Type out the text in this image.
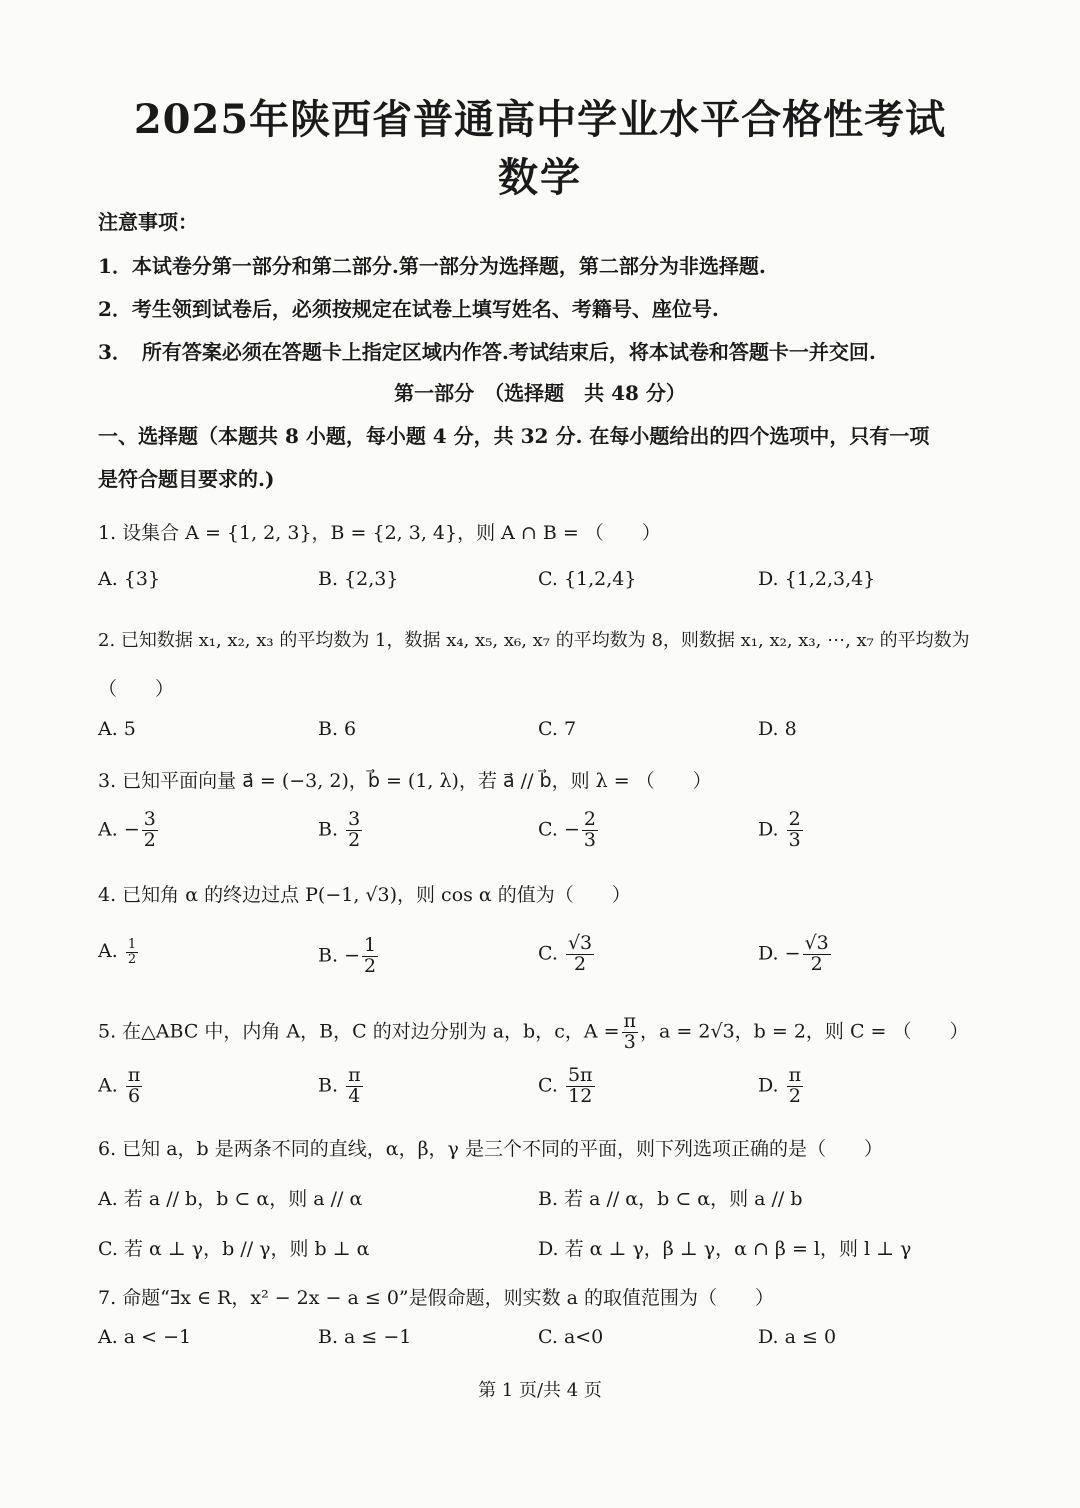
2025年陕西省普通高中学业水平合格性考试
数学
注意事项：
1．本试卷分第一部分和第二部分.第一部分为选择题，第二部分为非选择题.
2．考生领到试卷后，必须按规定在试卷上填写姓名、考籍号、座位号.
3．　所有答案必须在答题卡上指定区域内作答.考试结束后，将本试卷和答题卡一并交回.
第一部分　（选择题　共 48 分）
一、选择题（本题共 8 小题，每小题 4 分，共 32 分. 在每小题给出的四个选项中，只有一项
是符合题目要求的.)
1. 设集合 A = {1, 2, 3}，B = {2, 3, 4}，则 A ∩ B = （　　）
A. {3}	B. {2,3}	C. {1,2,4}	D. {1,2,3,4}
2. 已知数据 x₁, x₂, x₃ 的平均数为 1，数据 x₄, x₅, x₆, x₇ 的平均数为 8，则数据 x₁, x₂, x₃, ⋯, x₇ 的平均数为
（　　）
A. 5	B. 6	C. 7	D. 8
3. 已知平面向量 a⃗ = (−3, 2)，b⃗ = (1, λ)，若 a⃗ // b⃗，则 λ = （　　）
A. − $\frac{3}{2}$	B. $\frac{3}{2}$	C. − $\frac{2}{3}$	D. $\frac{2}{3}$
4. 已知角 α 的终边过点 P(−1, √3)，则 cos α 的值为（　　）
A. $\frac{1}{2}$	B. − $\frac{1}{2}$	C. $\frac{√3}{2}$	D. − $\frac{√3}{2}$
5. 在△ABC 中，内角 A，B，C 的对边分别为 a，b，c，$A = \frac{\pi}{3}$ ，a = 2√3，b = 2，则 C = （　　）
A. $\frac{\pi}{6}$	B. $\frac{\pi}{4}$	C. $\frac{5\pi}{12}$	D. $\frac{\pi}{2}$
6. 已知 a，b 是两条不同的直线，α，β，γ 是三个不同的平面，则下列选项正确的是（　　）
A. 若 a // b，b ⊂ α，则 a // α	B. 若 a // α，b ⊂ α，则 a // b
C. 若 α ⊥ γ，b // γ，则 b ⊥ α	D. 若 α ⊥ γ，β ⊥ γ，α ∩ β = l，则 l ⊥ γ
7. 命题“∃x ∈ R，x² − 2x − a ≤ 0”是假命题，则实数 a 的取值范围为（　　）
A. a < −1	B. a ≤ −1	C. a<0	D. a ≤ 0
第 1 页/共 4 页
